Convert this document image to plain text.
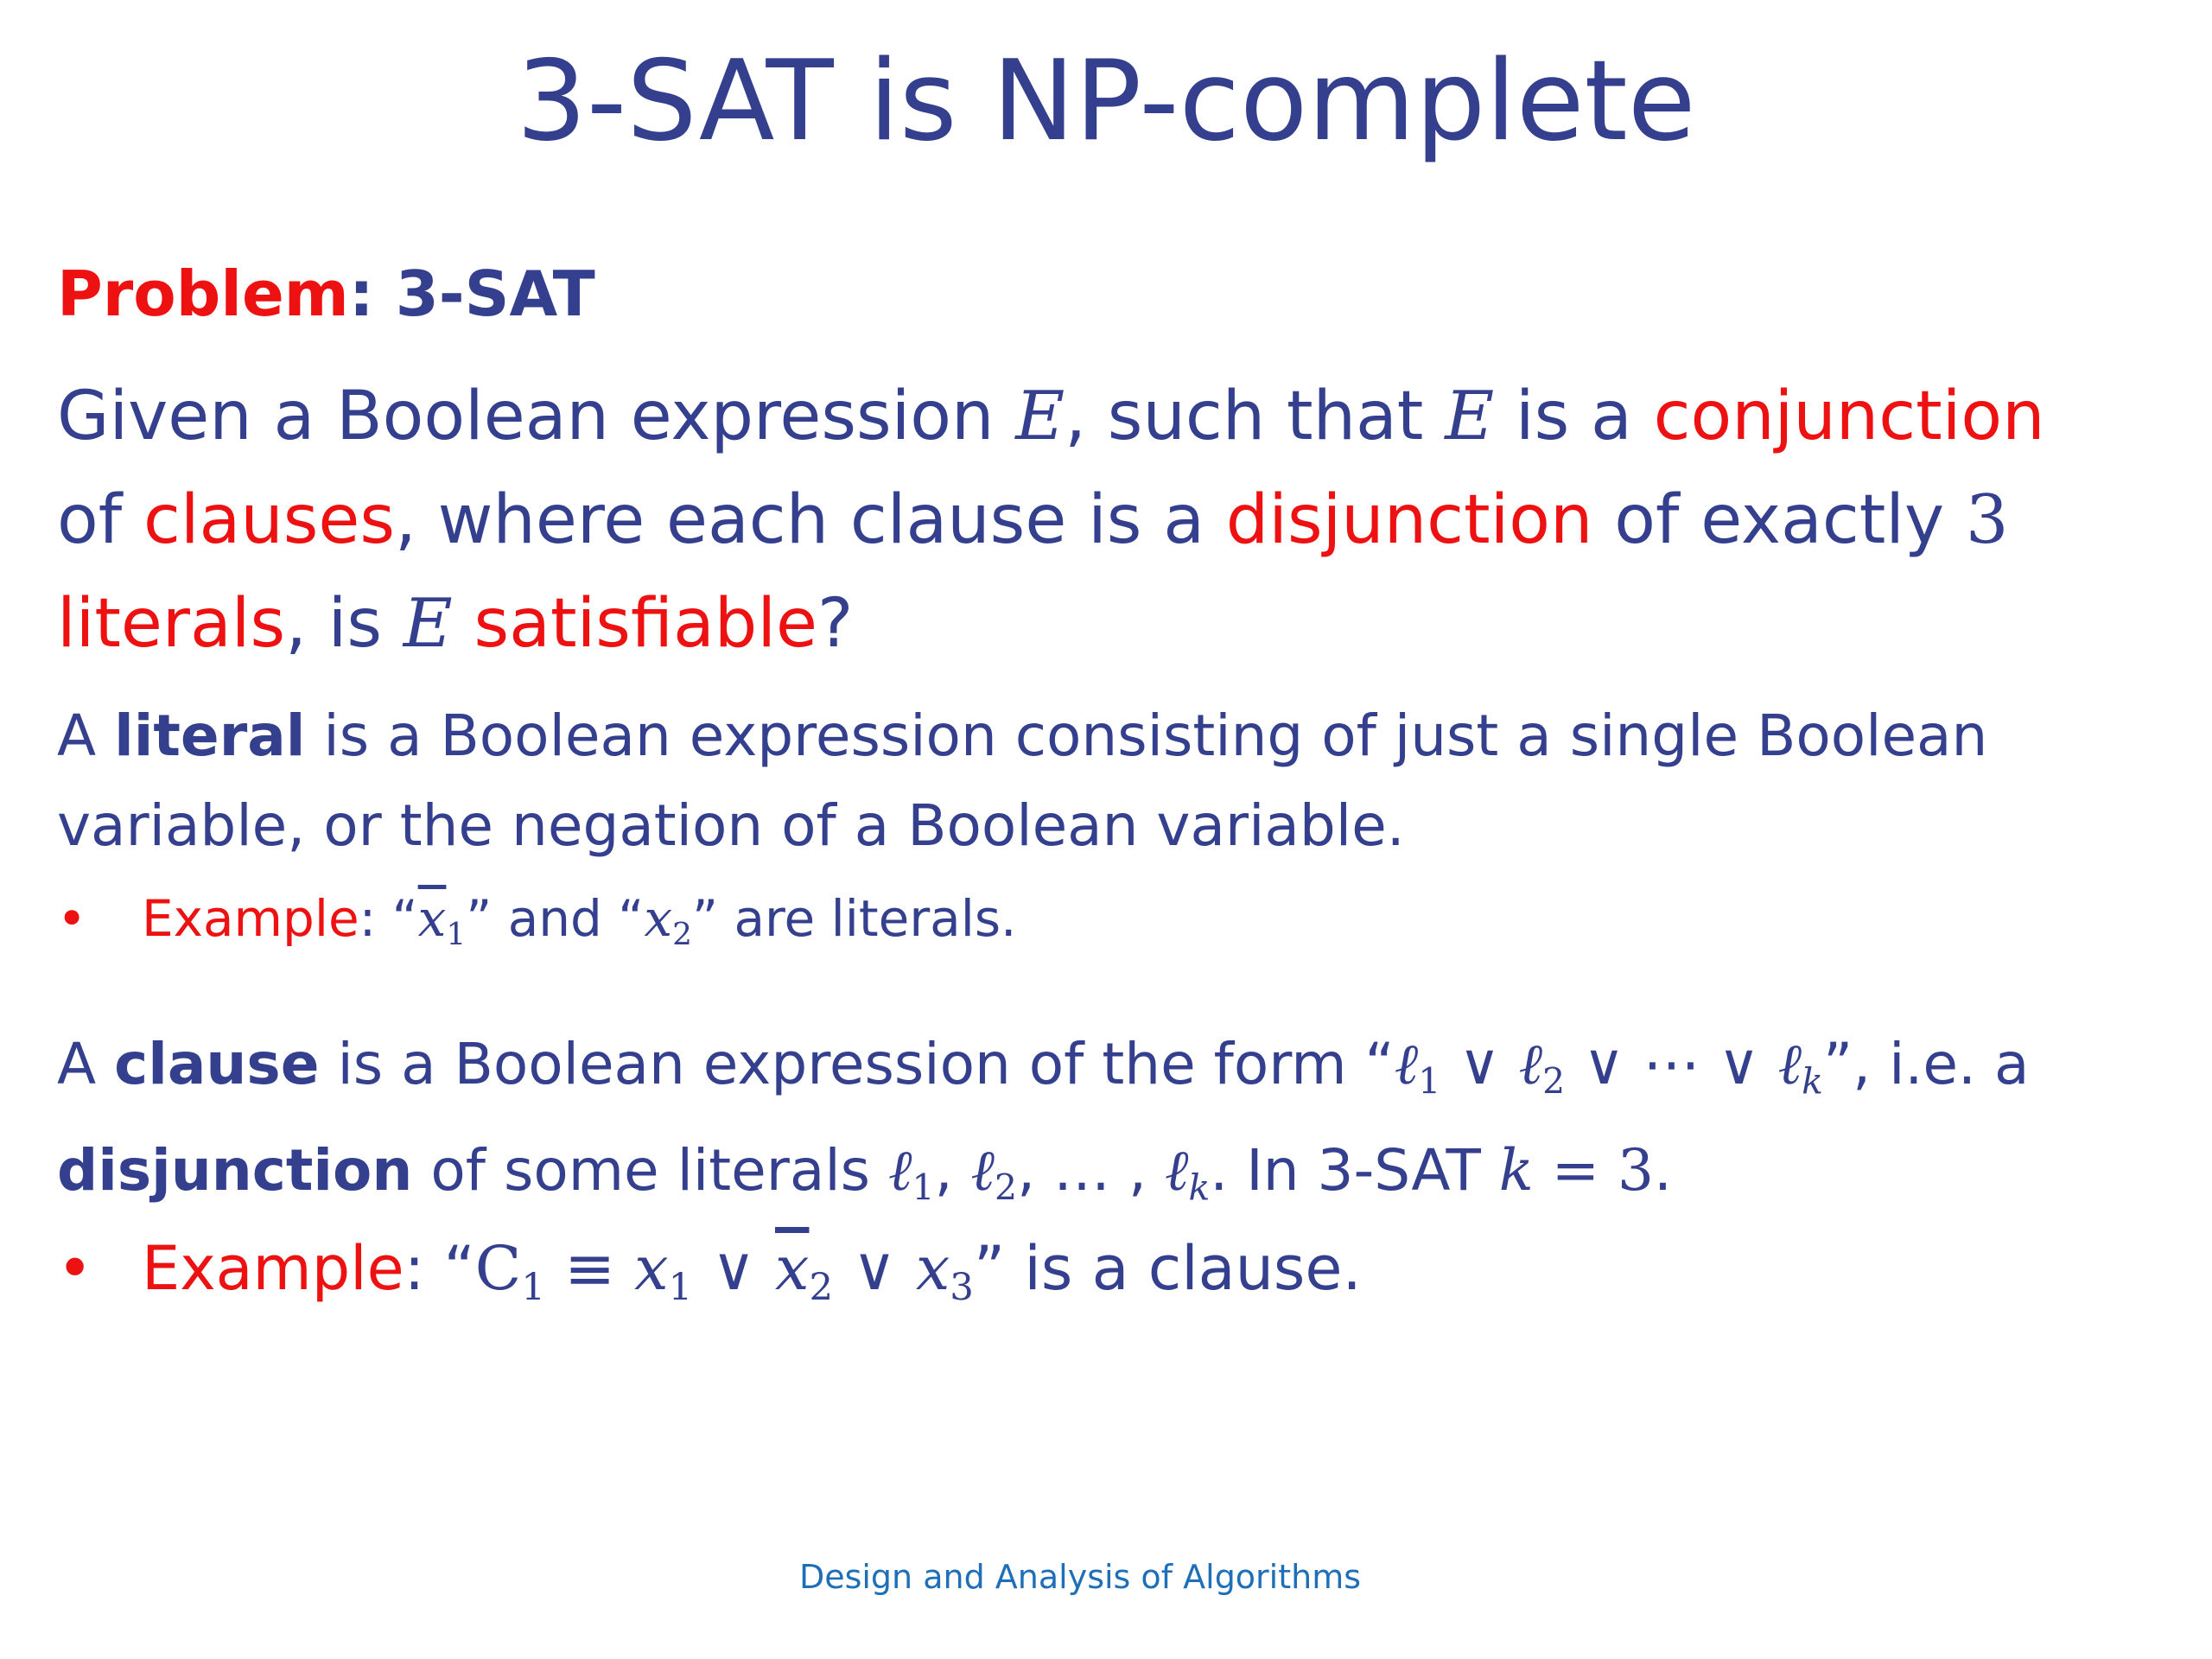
3-SAT is NP-complete
Problem: 3-SAT
Given a Boolean expression E, such that E is a conjunction
of clauses, where each clause is a disjunction of exactly 3
literals, is E satisfiable?
A literal is a Boolean expression consisting of just a single Boolean
variable, or the negation of a Boolean variable.
• Example: “$\overline{x}_1$” and “$x_2$” are literals.
A clause is a Boolean expression of the form “ℓ$_1$ ∨ ℓ$_2$ ∨ ⋯ ∨ ℓ$_k$”, i.e. a
disjunction of some literals ℓ$_1$, ℓ$_2$, … , ℓ$_k$. In 3-SAT k = 3.
• Example: “$C_1 \equiv x_1$ ∨ $\overline{x}_2$ ∨ $x_3$” is a clause.
Design and Analysis of Algorithms
